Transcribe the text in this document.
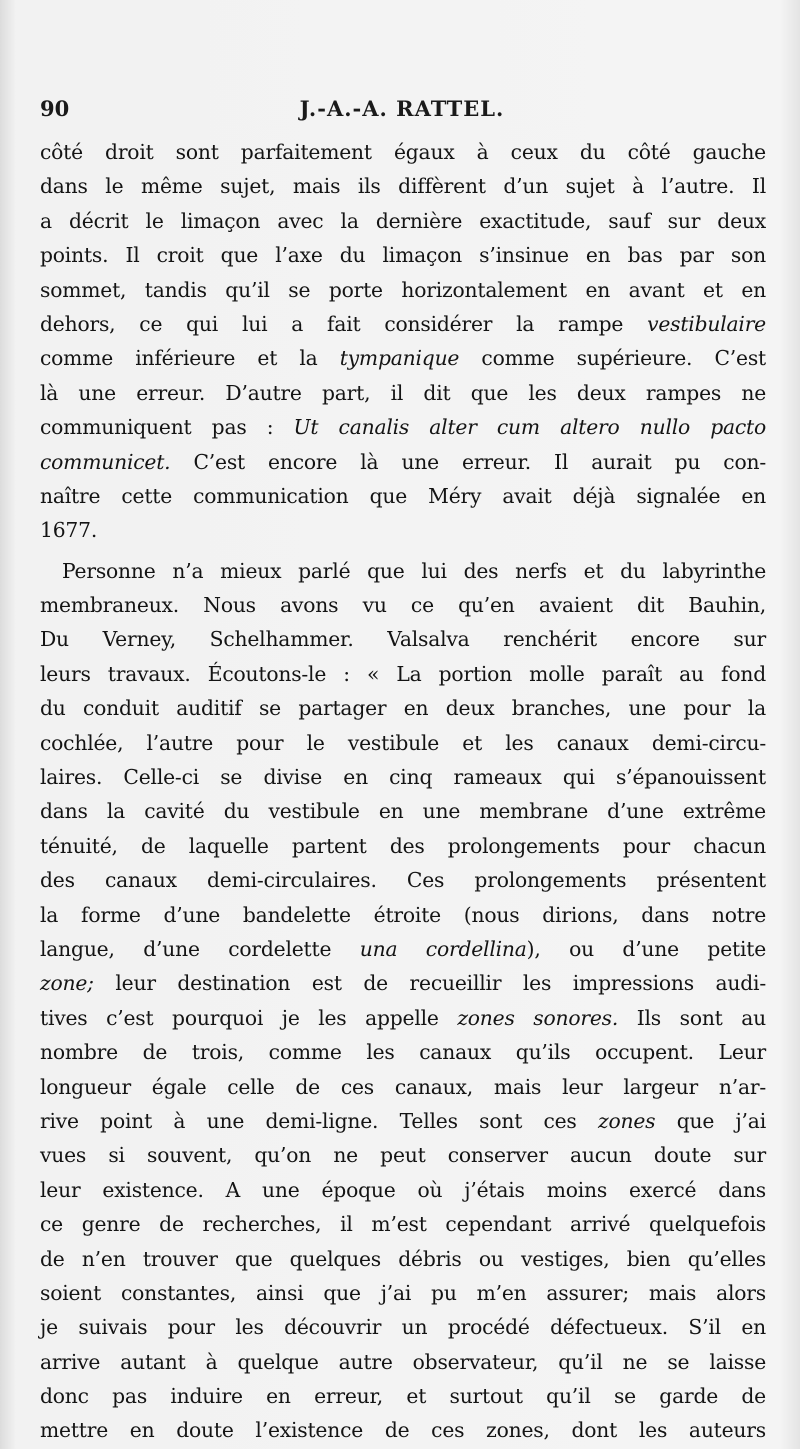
90	J.-A.-A. RATTEL.
côté droit sont parfaitement égaux à ceux du côté gauche
dans le même sujet, mais ils diffèrent d’un sujet à l’autre. Il
a décrit le limaçon avec la dernière exactitude, sauf sur deux
points. Il croit que l’axe du limaçon s’insinue en bas par son
sommet, tandis qu’il se porte horizontalement en avant et en
dehors, ce qui lui a fait considérer la rampe vestibulaire
comme inférieure et la tympanique comme supérieure. C’est
là une erreur. D’autre part, il dit que les deux rampes ne
communiquent pas : Ut canalis alter cum altero nullo pacto
communicet. C’est encore là une erreur. Il aurait pu con-
naître cette communication que Méry avait déjà signalée en
1677.
Personne n’a mieux parlé que lui des nerfs et du labyrinthe
membraneux. Nous avons vu ce qu’en avaient dit Bauhin,
Du Verney, Schelhammer. Valsalva renchérit encore sur
leurs travaux. Écoutons-le : « La portion molle paraît au fond
du conduit auditif se partager en deux branches, une pour la
cochlée, l’autre pour le vestibule et les canaux demi-circu-
laires. Celle-ci se divise en cinq rameaux qui s’épanouissent
dans la cavité du vestibule en une membrane d’une extrême
ténuité, de laquelle partent des prolongements pour chacun
des canaux demi-circulaires. Ces prolongements présentent
la forme d’une bandelette étroite (nous dirions, dans notre
langue, d’une cordelette una cordellina), ou d’une petite
zone; leur destination est de recueillir les impressions audi-
tives c’est pourquoi je les appelle zones sonores. Ils sont au
nombre de trois, comme les canaux qu’ils occupent. Leur
longueur égale celle de ces canaux, mais leur largeur n’ar-
rive point à une demi-ligne. Telles sont ces zones que j’ai
vues si souvent, qu’on ne peut conserver aucun doute sur
leur existence. A une époque où j’étais moins exercé dans
ce genre de recherches, il m’est cependant arrivé quelquefois
de n’en trouver que quelques débris ou vestiges, bien qu’elles
soient constantes, ainsi que j’ai pu m’en assurer; mais alors
je suivais pour les découvrir un procédé défectueux. S’il en
arrive autant à quelque autre observateur, qu’il ne se laisse
donc pas induire en erreur, et surtout qu’il se garde de
mettre en doute l’existence de ces zones, dont les auteurs
